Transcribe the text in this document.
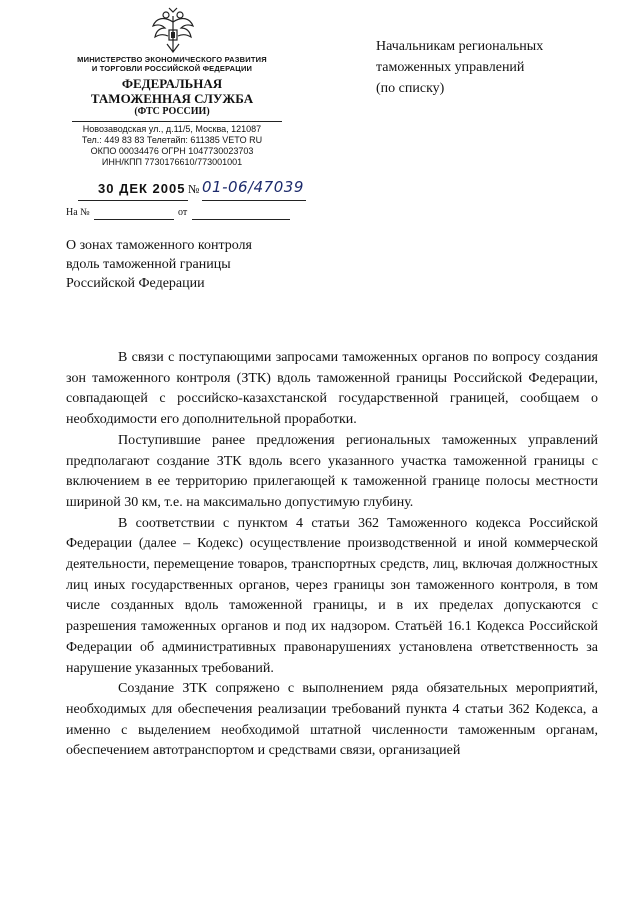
МИНИСТЕРСТВО ЭКОНОМИЧЕСКОГО РАЗВИТИЯ
И ТОРГОВЛИ РОССИЙСКОЙ ФЕДЕРАЦИИ
ФЕДЕРАЛЬНАЯ
ТАМОЖЕННАЯ СЛУЖБА
(ФТС РОССИИ)
Новозаводская ул., д.11/5, Москва, 121087
Тел.: 449 83 83 Телетайп: 611385 VETO RU
ОКПО 00034476 ОГРН 1047730023703
ИНН/КПП 7730176610/773001001
30 ДЕК 2005 № 01-06/47039
На №	от
Начальникам региональных
таможенных управлений
(по списку)
О зонах таможенного контроля
вдоль таможенной границы
Российской Федерации

В связи с поступающими запросами таможенных органов по вопросу создания зон таможенного контроля (ЗТК) вдоль таможенной границы Российской Федерации, совпадающей с российско-казахстанской государственной границей, сообщаем о необходимости его дополнительной проработки.

Поступившие ранее предложения региональных таможенных управлений предполагают создание ЗТК вдоль всего указанного участка таможенной границы с включением в ее территорию прилегающей к таможенной границе полосы местности шириной 30 км, т.е. на максимально допустимую глубину.

В соответствии с пунктом 4 статьи 362 Таможенного кодекса Российской Федерации (далее – Кодекс) осуществление производственной и иной коммерческой деятельности, перемещение товаров, транспортных средств, лиц, включая должностных лиц иных государственных органов, через границы зон таможенного контроля, в том числе созданных вдоль таможенной границы, и в их пределах допускаются с разрешения таможенных органов и под их надзором. Статьёй 16.1 Кодекса Российской Федерации об административных правонарушениях установлена ответственность за нарушение указанных требований.

Создание ЗТК сопряжено с выполнением ряда обязательных мероприятий, необходимых для обеспечения реализации требований пункта 4 статьи 362 Кодекса, а именно с выделением необходимой штатной численности таможенным органам, обеспечением автотранспортом и средствами связи, организацией
